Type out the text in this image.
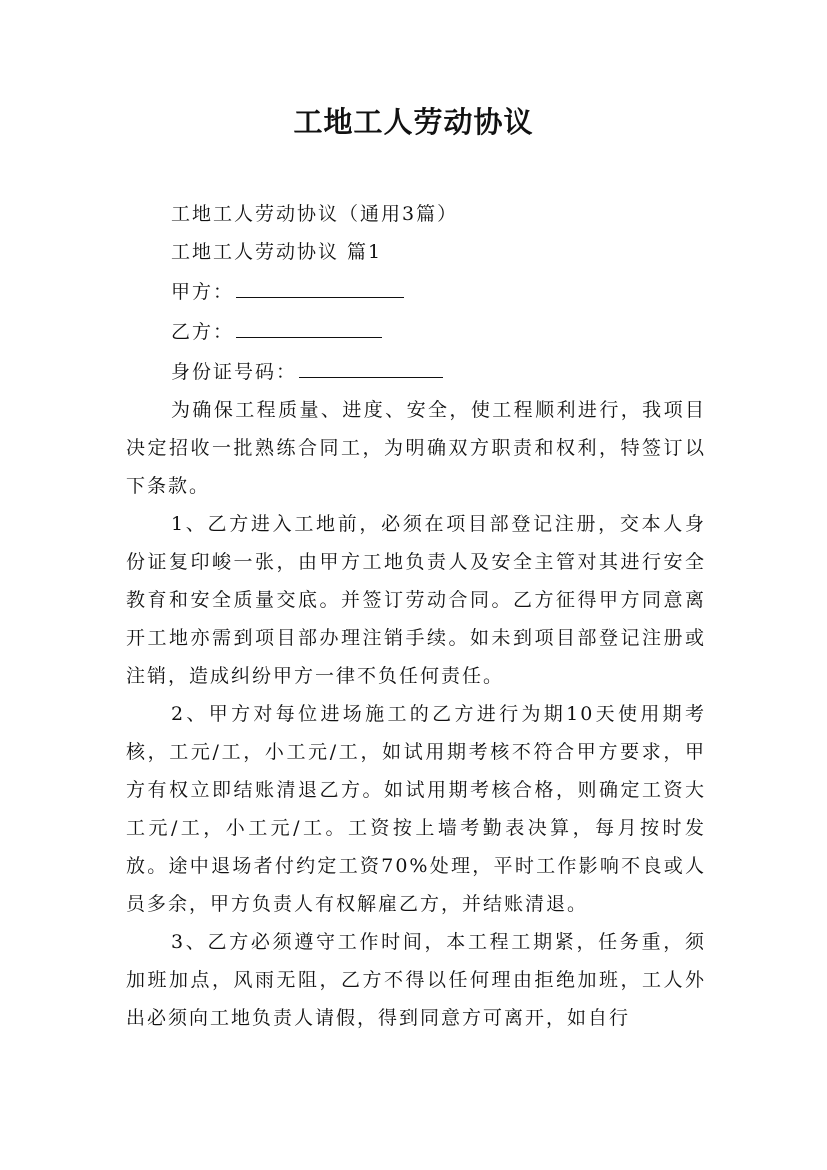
工地工人劳动协议

工地工人劳动协议（通用3篇）

工地工人劳动协议 篇1

甲方：

乙方：

身份证号码：

为确保工程质量、进度、安全，使工程顺利进行，我项目决定招收一批熟练合同工，为明确双方职责和权利，特签订以下条款。

1、乙方进入工地前，必须在项目部登记注册，交本人身份证复印峻一张，由甲方工地负责人及安全主管对其进行安全教育和安全质量交底。并签订劳动合同。乙方征得甲方同意离开工地亦需到项目部办理注销手续。如未到项目部登记注册或注销，造成纠纷甲方一律不负任何责任。

2、甲方对每位进场施工的乙方进行为期10天使用期考核，工元/工，小工元/工，如试用期考核不符合甲方要求，甲方有权立即结账清退乙方。如试用期考核合格，则确定工资大工元/工，小工元/工。工资按上墙考勤表决算，每月按时发放。途中退场者付约定工资70%处理，平时工作影响不良或人员多余，甲方负责人有权解雇乙方，并结账清退。

3、乙方必须遵守工作时间，本工程工期紧，任务重，须加班加点，风雨无阻，乙方不得以任何理由拒绝加班，工人外出必须向工地负责人请假，得到同意方可离开，如自行
